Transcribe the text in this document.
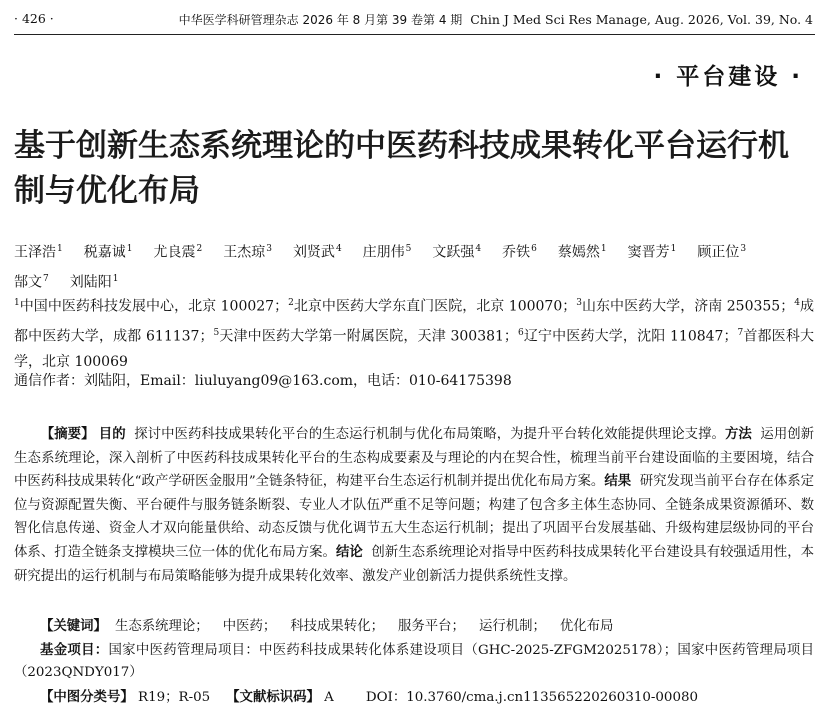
· 426 ·	中华医学科研管理杂志 2026 年 8 月第 39 卷第 4 期 Chin J Med Sci Res Manage, Aug. 2026, Vol. 39, No. 4
· 平台建设 ·
基于创新生态系统理论的中医药科技成果转化平台运行机制与优化布局
王泽浩$^1$ 税嘉诚$^1$ 尤良震$^2$ 王杰琼$^3$ 刘贤武$^4$ 庄朋伟$^5$ 文跃强$^4$ 乔铁$^6$ 蔡嫣然$^1$ 窦晋芳$^1$ 顾正位$^3$郜文$^7$ 刘陆阳$^1$
$^1$中国中医药科技发展中心，北京 100027；$^2$北京中医药大学东直门医院，北京 100070；$^3$山东中医药大学，济南 250355；$^4$成都中医药大学，成都 611137；$^5$天津中医药大学第一附属医院，天津 300381；$^6$辽宁中医药大学，沈阳 110847；$^7$首都医科大学，北京 100069
通信作者：刘陆阳，Email：liuluyang09@163.com，电话：010-64175398

【摘要】 目的 探讨中医药科技成果转化平台的生态运行机制与优化布局策略，为提升平台转化效能提供理论支撑。方法 运用创新生态系统理论，深入剖析了中医药科技成果转化平台的生态构成要素及与理论的内在契合性，梳理当前平台建设面临的主要困境，结合中医药科技成果转化“政产学研医金服用”全链条特征，构建平台生态运行机制并提出优化布局方案。结果 研究发现当前平台存在体系定位与资源配置失衡、平台硬件与服务链条断裂、专业人才队伍严重不足等问题；构建了包含多主体生态协同、全链条成果资源循环、数智化信息传递、资金人才双向能量供给、动态反馈与优化调节五大生态运行机制；提出了巩固平台发展基础、升级构建层级协同的平台体系、打造全链条支撑模块三位一体的优化布局方案。结论 创新生态系统理论对指导中医药科技成果转化平台建设具有较强适用性，本研究提出的运行机制与布局策略能够为提升成果转化效率、激发产业创新活力提供系统性支撑。

【关键词】 生态系统理论； 中医药； 科技成果转化； 服务平台； 运行机制； 优化布局
基金项目：国家中医药管理局项目：中医药科技成果转化体系建设项目（GHC-2025-ZFGM2025178）；国家中医药管理局项目（2023QNDY017）
【中图分类号】 R19；R-05 【文献标识码】 A DOI：10.3760/cma.j.cn113565220260310-00080
